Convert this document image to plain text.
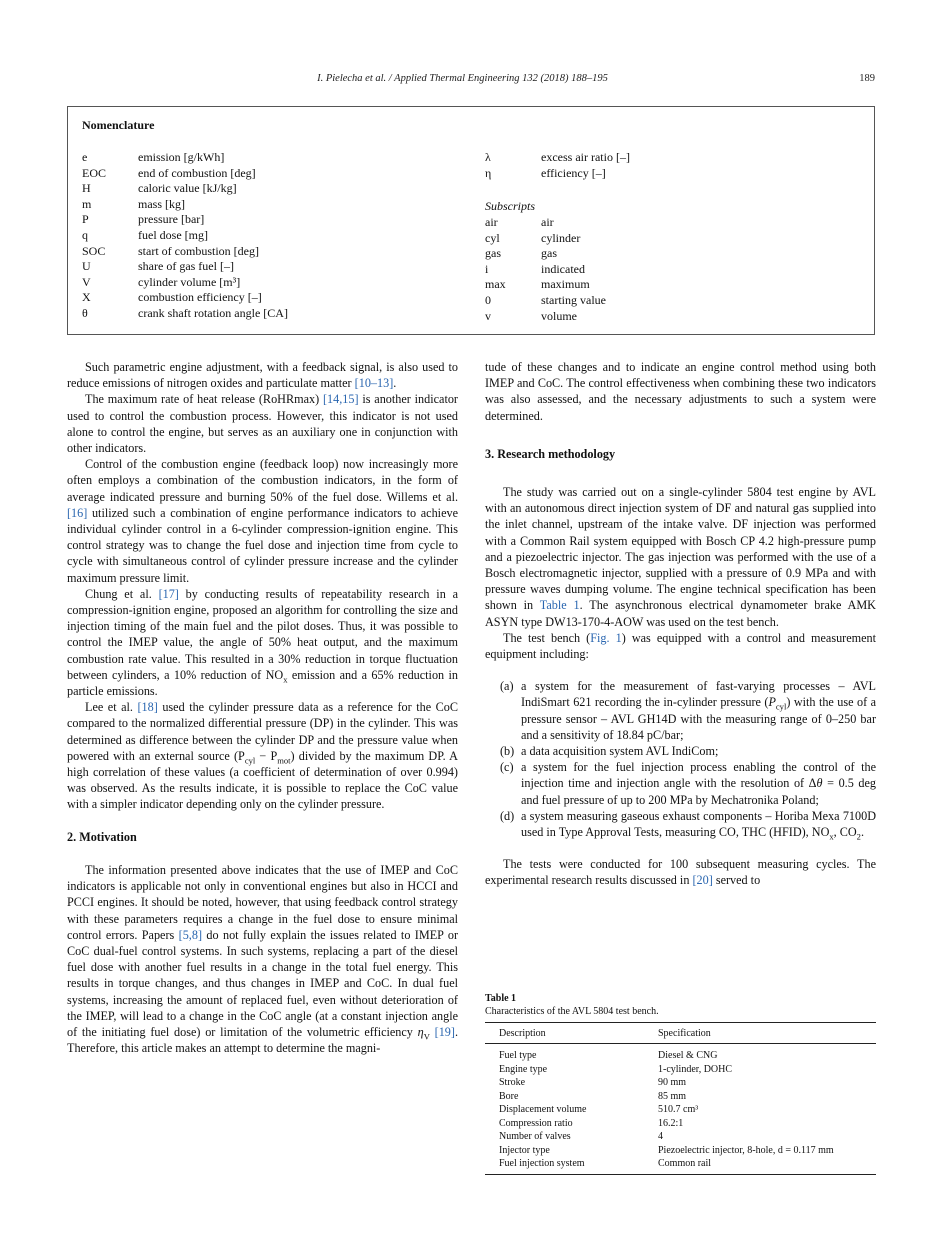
I. Pielecha et al. / Applied Thermal Engineering 132 (2018) 188–195	189
Nomenclature
e	emission [g/kWh]
EOC	end of combustion [deg]
H	caloric value [kJ/kg]
m	mass [kg]
P	pressure [bar]
q	fuel dose [mg]
SOC	start of combustion [deg]
U	share of gas fuel [–]
V	cylinder volume [m³]
X	combustion efficiency [–]
θ	crank shaft rotation angle [CA]
λ	excess air ratio [–]
η	efficiency [–]
Subscripts
air	air
cyl	cylinder
gas	gas
i	indicated
max	maximum
0	starting value
v	volume

Such parametric engine adjustment, with a feedback signal, is also used to reduce emissions of nitrogen oxides and particulate matter [10–13].

The maximum rate of heat release (RoHRmax) [14,15] is another indicator used to control the combustion process. However, this indicator is not used alone to control the engine, but serves as an auxiliary one in conjunction with other indicators.

Control of the combustion engine (feedback loop) now increasingly more often employs a combination of the combustion indicators, in the form of average indicated pressure and burning 50% of the fuel dose. Willems et al. [16] utilized such a combination of engine performance indicators to achieve individual cylinder control in a 6-cylinder compression-ignition engine. This control strategy was to change the fuel dose and injection time from cycle to cycle with simultaneous control of cylinder pressure increase and the cylinder maximum pressure limit.

Chung et al. [17] by conducting results of repeatability research in a compression-ignition engine, proposed an algorithm for controlling the size and injection timing of the main fuel and the pilot doses. Thus, it was possible to control the IMEP value, the angle of 50% heat output, and the maximum combustion rate value. This resulted in a 30% reduction in torque fluctuation between cylinders, a 10% reduction of $NO_x$ emission and a 65% reduction in particle emissions.

Lee et al. [18] used the cylinder pressure data as a reference for the CoC compared to the normalized differential pressure (DP) in the cylinder. This was determined as difference between the cylinder DP and the pressure value when powered with an external source $(P_{cyl} - P_{mot})$ divided by the maximum DP. A high correlation of these values (a coefficient of determination of over 0.994) was observed. As the results indicate, it is possible to replace the CoC value with a simpler indicator depending only on the cylinder pressure.

2. Motivation

The information presented above indicates that the use of IMEP and CoC indicators is applicable not only in conventional engines but also in HCCI and PCCI engines. It should be noted, however, that using feedback control strategy with these parameters requires a change in the fuel dose to ensure minimal control errors. Papers [5,8] do not fully explain the issues related to IMEP or CoC dual-fuel control systems. In such systems, replacing a part of the diesel fuel dose with another fuel results in a change in the total fuel energy. This results in torque changes, and thus changes in IMEP and CoC. In dual fuel systems, increasing the amount of replaced fuel, even without deterioration of the IMEP, will lead to a change in the CoC angle (at a constant injection angle of the initiating fuel dose) or limitation of the volumetric efficiency $\eta_V$ [19]. Therefore, this article makes an attempt to determine the magni-

tude of these changes and to indicate an engine control method using both IMEP and CoC. The control effectiveness when combining these two indicators was also assessed, and the necessary adjustments to such a system were determined.

3. Research methodology

The study was carried out on a single-cylinder 5804 test engine by AVL with an autonomous direct injection system of DF and natural gas supplied into the inlet channel, upstream of the intake valve. DF injection was performed with a Common Rail system equipped with Bosch CP 4.2 high-pressure pump and a piezoelectric injector. The gas injection was performed with the use of a Bosch electromagnetic injector, supplied with a pressure of 0.9 MPa and with pressure waves dumping volume. The engine technical specification has been shown in Table 1. The asynchronous electrical dynamometer brake AMK ASYN type DW13-170-4-AOW was used on the test bench.

The test bench (Fig. 1) was equipped with a control and measurement equipment including:

(a) a system for the measurement of fast-varying processes – AVL IndiSmart 621 recording the in-cylinder pressure $(P_{cyl})$ with the use of a pressure sensor – AVL GH14D with the measuring range of 0–250 bar and a sensitivity of 18.84 pC/bar;
(b) a data acquisition system AVL IndiCom;
(c) a system for the fuel injection process enabling the control of the injection time and injection angle with the resolution of Δθ = 0.5 deg and fuel pressure of up to 200 MPa by Mechatronika Poland;
(d) a system measuring gaseous exhaust components – Horiba Mexa 7100D used in Type Approval Tests, measuring CO, THC (HFID), $NO_x$, $CO_2$.

The tests were conducted for 100 subsequent measuring cycles. The experimental research results discussed in [20] served to

Table 1
Characteristics of the AVL 5804 test bench.
Description	Specification
Fuel type	Diesel & CNG
Engine type	1-cylinder, DOHC
Stroke	90 mm
Bore	85 mm
Displacement volume	510.7 cm³
Compression ratio	16.2:1
Number of valves	4
Injector type	Piezoelectric injector, 8-hole, d = 0.117 mm
Fuel injection system	Common rail
